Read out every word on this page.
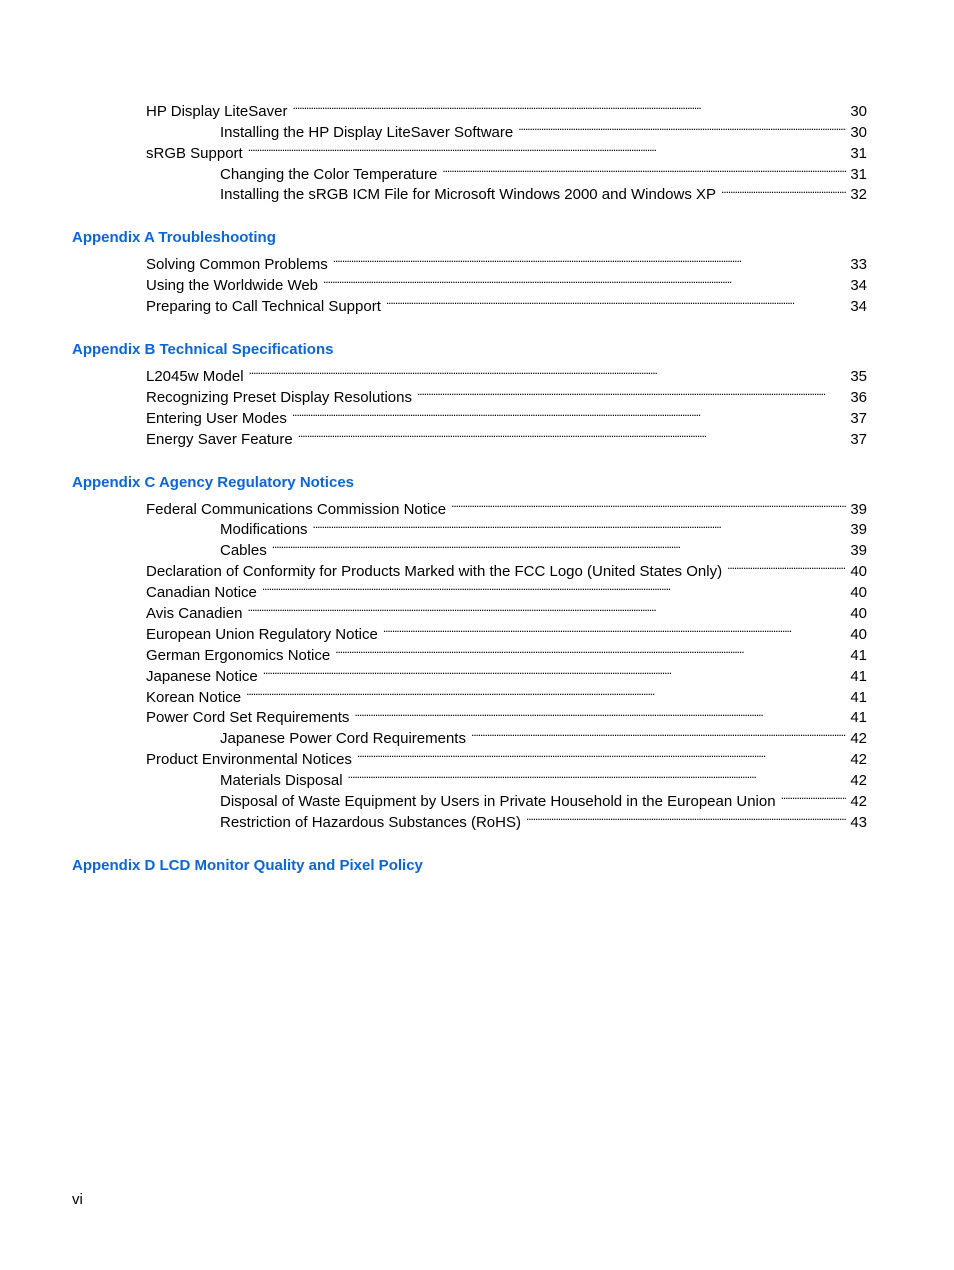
HP Display LiteSaver . . .	30
Installing the HP Display LiteSaver Software . . .	30
sRGB Support . . .	31
Changing the Color Temperature . . .	31
Installing the sRGB ICM File for Microsoft Windows 2000 and Windows XP . . .	32
Appendix A Troubleshooting
Solving Common Problems . . .	33
Using the Worldwide Web . . .	34
Preparing to Call Technical Support . . .	34
Appendix B Technical Specifications
L2045w Model . . .	35
Recognizing Preset Display Resolutions . . .	36
Entering User Modes . . .	37
Energy Saver Feature . . .	37
Appendix C Agency Regulatory Notices
Federal Communications Commission Notice . . .	39
Modifications . . .	39
Cables . . .	39
Declaration of Conformity for Products Marked with the FCC Logo (United States Only) . . .	40
Canadian Notice . . .	40
Avis Canadien . . .	40
European Union Regulatory Notice . . .	40
German Ergonomics Notice . . .	41
Japanese Notice . . .	41
Korean Notice . . .	41
Power Cord Set Requirements . . .	41
Japanese Power Cord Requirements . . .	42
Product Environmental Notices . . .	42
Materials Disposal . . .	42
Disposal of Waste Equipment by Users in Private Household in the European Union . . .	42
Restriction of Hazardous Substances (RoHS) . . .	43
Appendix D LCD Monitor Quality and Pixel Policy
vi
